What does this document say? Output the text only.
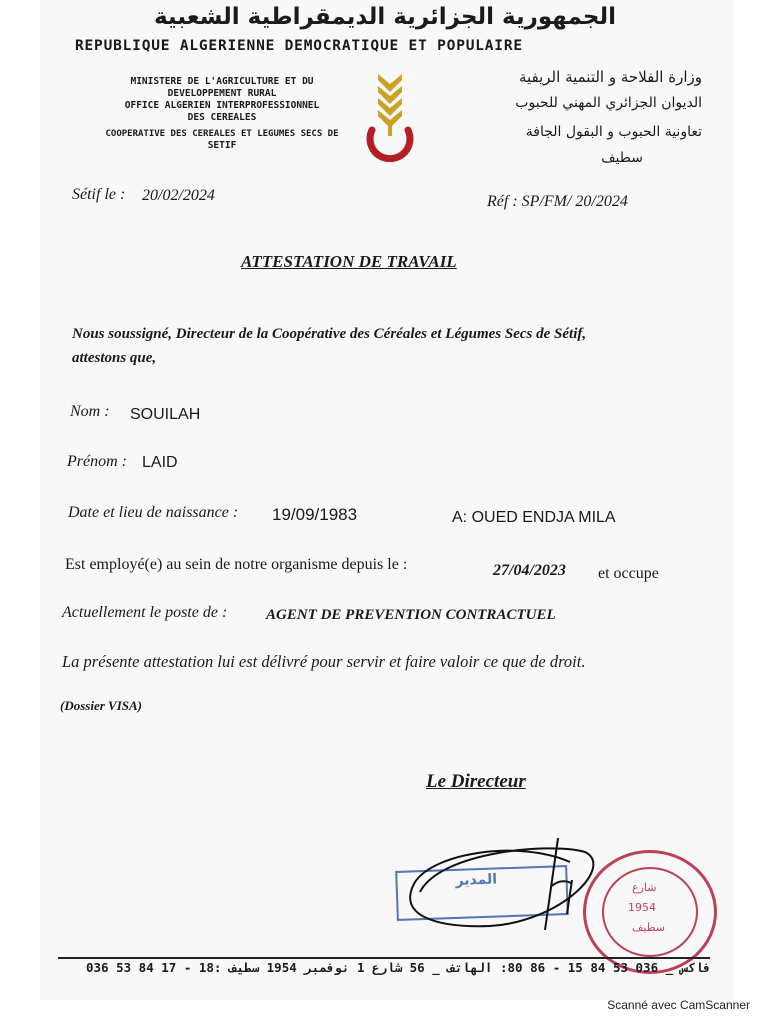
الجمهورية الجزائرية الديمقراطية الشعبية
REPUBLIQUE ALGERIENNE DEMOCRATIQUE ET POPULAIRE
MINISTERE DE L'AGRICULTURE ET DU
DEVELOPPEMENT RURAL
OFFICE ALGERIEN INTERPROFESSIONNEL
DES CEREALES
COOPERATIVE DES CEREALES ET LEGUMES SECS DE
SETIF
وزارة الفلاحة و التنمية الريفية
الديوان الجزائري المهني للحبوب
تعاونية الحبوب و البقول الجافة
سطيف
Sétif le : 20/02/2024	Réf : SP/FM/ 20/2024
ATTESTATION DE TRAVAIL
Nous soussigné, Directeur de la Coopérative des Céréales et Légumes Secs de Sétif,
attestons que,
Nom : SOUILAH
Prénom : LAID
Date et lieu de naissance : 19/09/1983	A: OUED ENDJA MILA
Est employé(e) au sein de notre organisme depuis le :	27/04/2023 et occupe
Actuellement le poste de :	AGENT DE PREVENTION CONTRACTUEL
La présente attestation lui est délivré pour servir et faire valoir ce que de droit.
(Dossier VISA)
Le Directeur
المدير	شارع
1954
سطيف
036 53 84 17 - 18: فاكس _ 036 53 84 15 - 86 80: الهاتف _ 56 شارع 1 نوفمبر 1954 سطيف
Scanné avec CamScanner
